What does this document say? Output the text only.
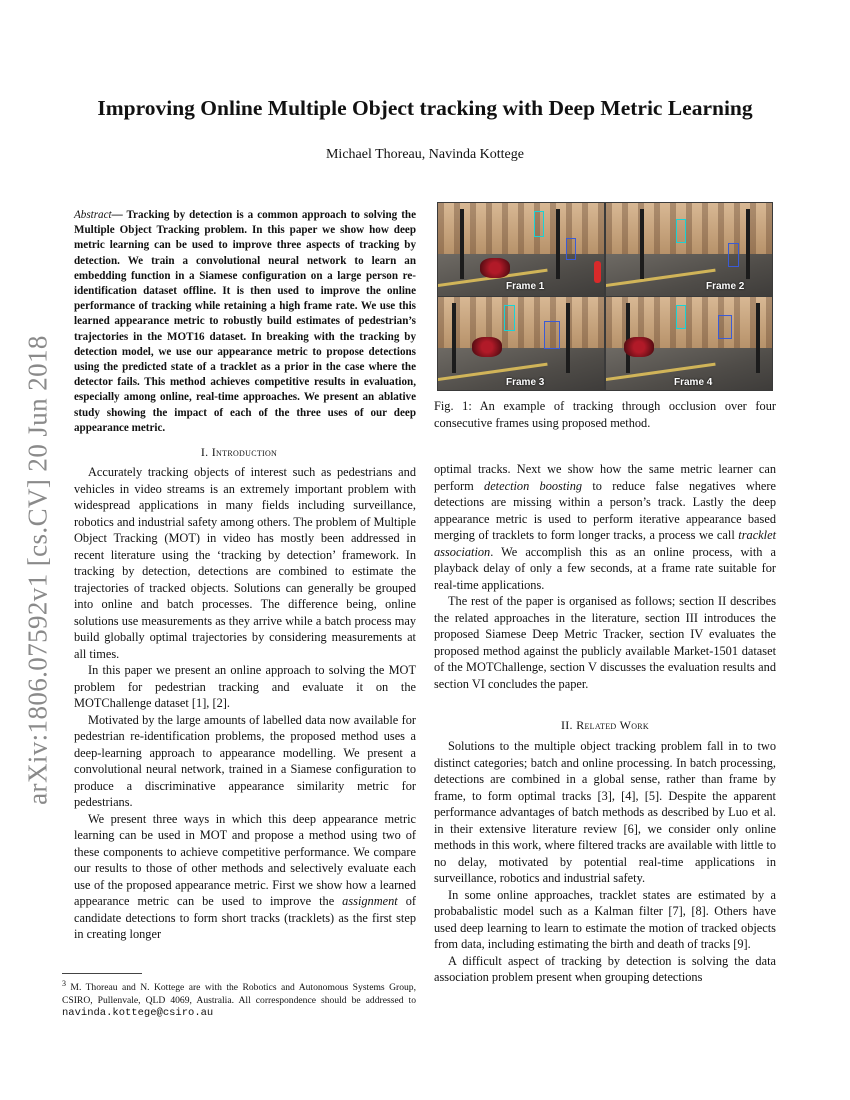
arXiv:1806.07592v1 [cs.CV] 20 Jun 2018
Improving Online Multiple Object tracking with Deep Metric Learning
Michael Thoreau, Navinda Kottege

Abstract— Tracking by detection is a common approach to solving the Multiple Object Tracking problem. In this paper we show how deep metric learning can be used to improve three aspects of tracking by detection. We train a convolutional neural network to learn an embedding function in a Siamese configuration on a large person re-identification dataset offline. It is then used to improve the online performance of tracking while retaining a high frame rate. We use this learned appearance metric to robustly build estimates of pedestrian’s trajectories in the MOT16 dataset. In breaking with the tracking by detection model, we use our appearance metric to propose detections using the predicted state of a tracklet as a prior in the case where the detector fails. This method achieves competitive results in evaluation, especially among online, real-time approaches. We present an ablative study showing the impact of each of the three uses of our deep appearance metric.

Frame 1	Frame 2
Frame 3	Frame 4
Fig. 1: An example of tracking through occlusion over four consecutive frames using proposed method.
I. Introduction

Accurately tracking objects of interest such as pedestrians and vehicles in video streams is an extremely important problem with widespread applications in many fields including surveillance, robotics and industrial safety among others. The problem of Multiple Object Tracking (MOT) in video has mostly been addressed in recent literature using the ‘tracking by detection’ framework. In tracking by detection, detections are combined to estimate the trajectories of tracked objects. Solutions can generally be grouped into online and batch processes. The difference being, online solutions use measurements as they arrive while a batch process may build globally optimal trajectories by considering measurements at all times.

In this paper we present an online approach to solving the MOT problem for pedestrian tracking and evaluate it on the MOTChallenge dataset [1], [2].

Motivated by the large amounts of labelled data now available for pedestrian re-identification problems, the proposed method uses a deep-learning approach to appearance modelling. We present a convolutional neural network, trained in a Siamese configuration to produce a discriminative appearance similarity metric for pedestrians.

We present three ways in which this deep appearance metric learning can be used in MOT and propose a method using two of these components to achieve competitive performance. We compare our results to those of other methods and selectively evaluate each use of the proposed appearance metric. First we show how a learned appearance metric can be used to improve the assignment of candidate detections to form short tracks (tracklets) as the first step in creating longer

$^3$ M. Thoreau and N. Kottege are with the Robotics and Autonomous Systems Group, CSIRO, Pullenvale, QLD 4069, Australia. All correspondence should be addressed to navinda.kottege@csiro.au

optimal tracks. Next we show how the same metric learner can perform detection boosting to reduce false negatives where detections are missing within a person’s track. Lastly the deep appearance metric is used to perform iterative appearance based merging of tracklets to form longer tracks, a process we call tracklet association. We accomplish this as an online process, with a playback delay of only a few seconds, at a frame rate suitable for real-time applications.

The rest of the paper is organised as follows; section II describes the related approaches in the literature, section III introduces the proposed Siamese Deep Metric Tracker, section IV evaluates the proposed method against the publicly available Market-1501 dataset of the MOTChallenge, section V discusses the evaluation results and section VI concludes the paper.

II. Related Work

Solutions to the multiple object tracking problem fall in to two distinct categories; batch and online processing. In batch processing, detections are combined in a global sense, rather than frame by frame, to form optimal tracks [3], [4], [5]. Despite the apparent performance advantages of batch methods as described by Luo et al. in their extensive literature review [6], we consider only online methods in this work, where filtered tracks are available with little to no delay, motivated by potential real-time applications in surveillance, robotics and industrial safety.

In some online approaches, tracklet states are estimated by a probabalistic model such as a Kalman filter [7], [8]. Others have used deep learning to learn to estimate the motion of tracked objects from data, including estimating the birth and death of tracks [9].

A difficult aspect of tracking by detection is solving the data association problem present when grouping detections
